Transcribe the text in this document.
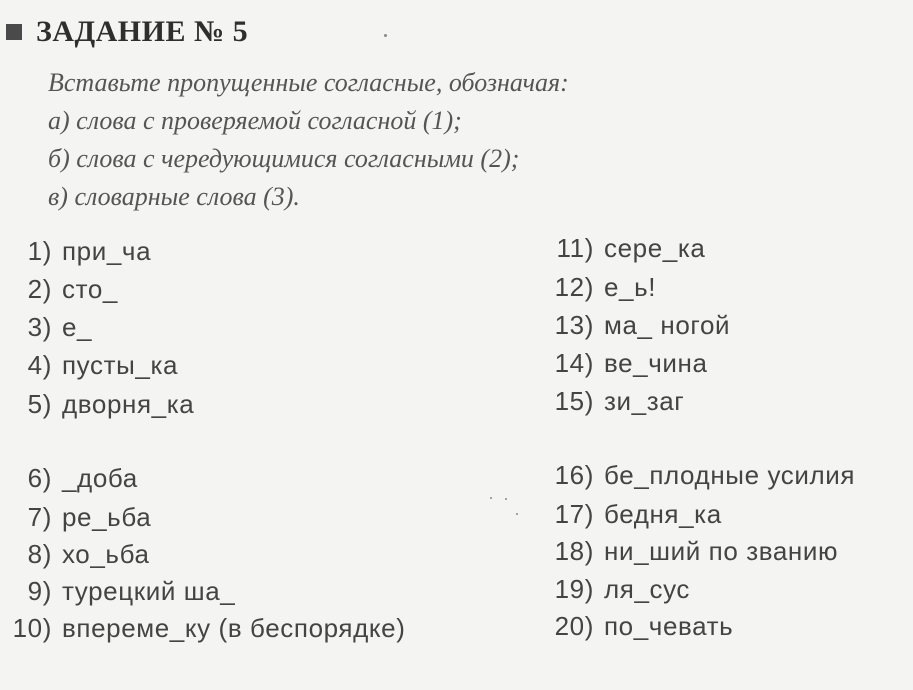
ЗАДАНИЕ № 5
Вставьте пропущенные согласные, обозначая:
а) слова с проверяемой согласной (1);
б) слова с чередующимися согласными (2);
в) словарные слова (3).
1) при_ча
2) сто_
3) е_
4) пусты_ка
5) дворня_ка
6) _доба
7) ре_ьба
8) хо_ьба
9) турецкий ша_
10) впереме_ку (в беспорядке)
11) сере_ка
12) е_ь!
13) ма_ ногой
14) ве_чина
15) зи_заг
16) бе_плодные усилия
17) бедня_ка
18) ни_ший по званию
19) ля_сус
20) по_чевать
